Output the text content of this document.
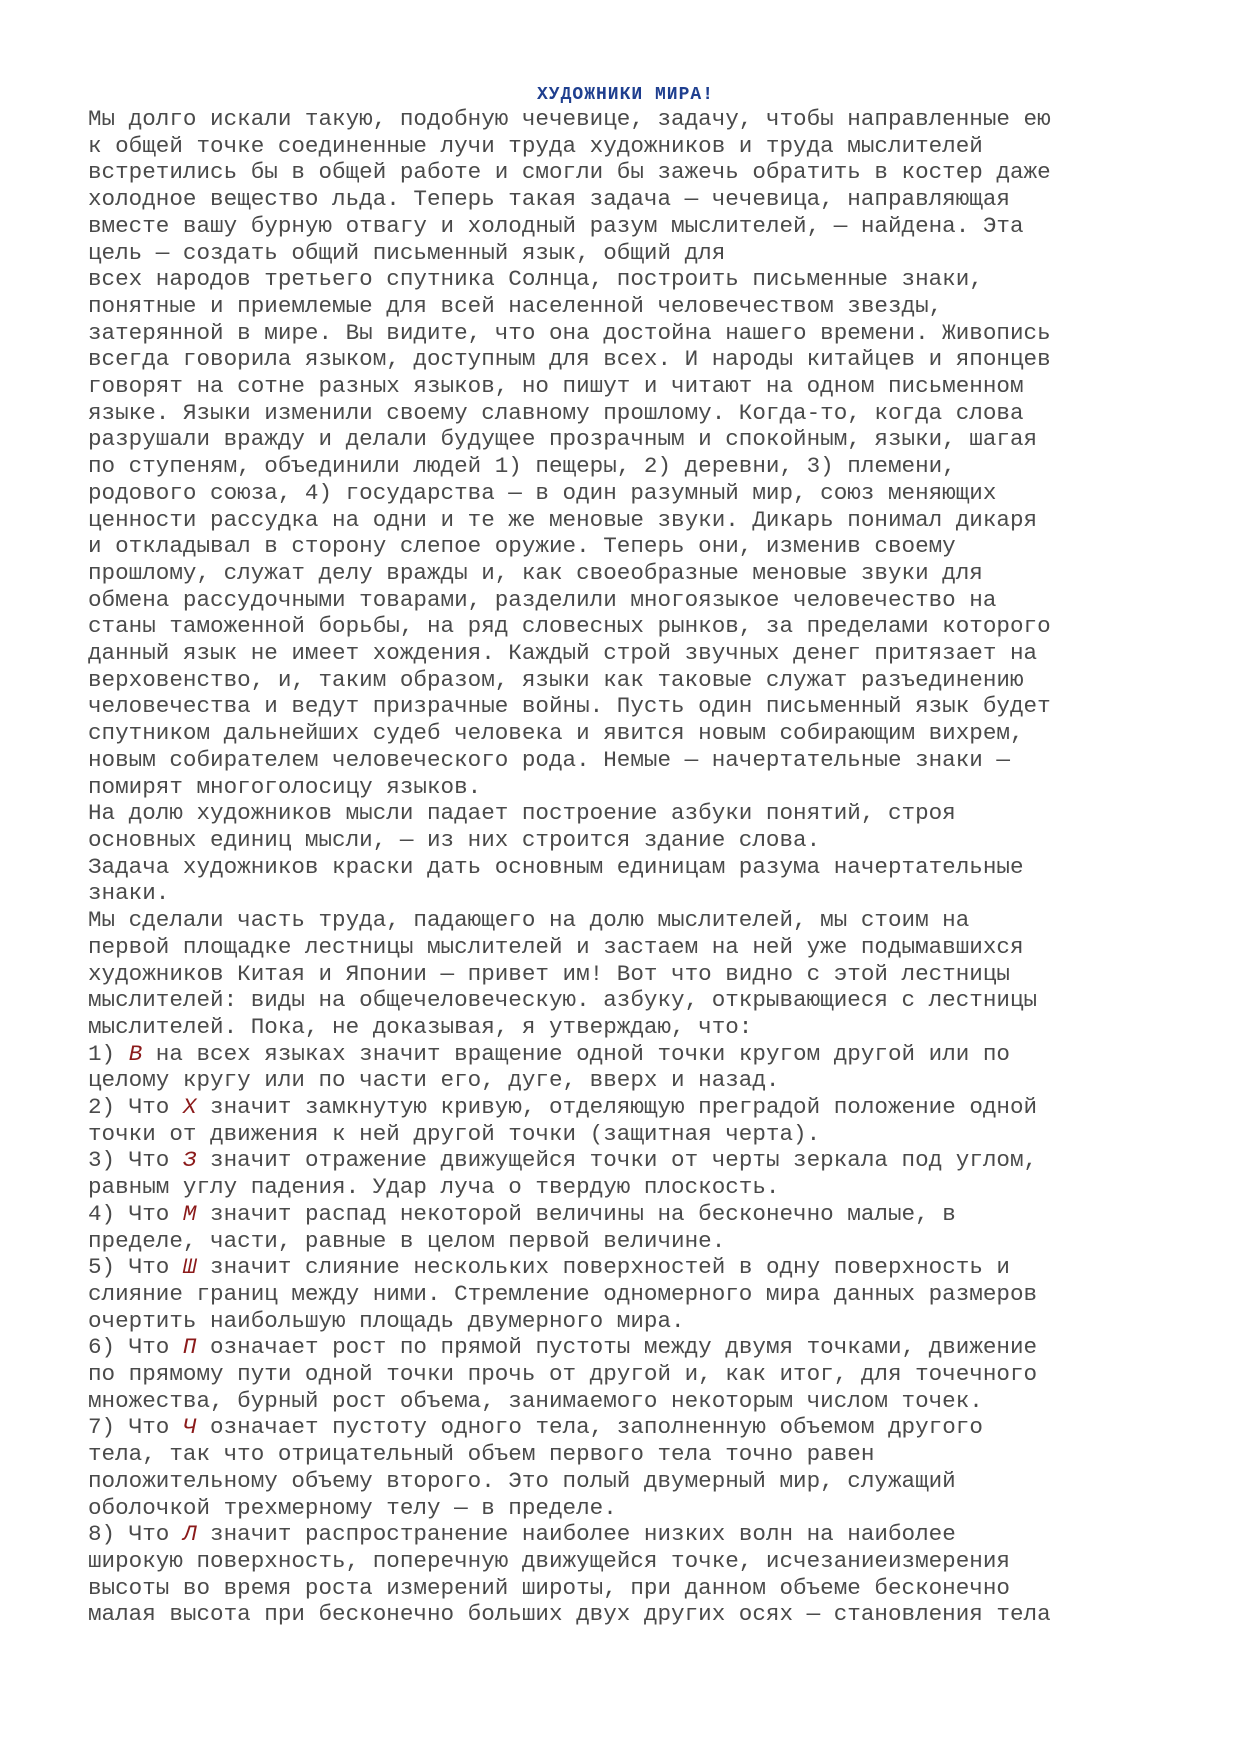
ХУДОЖНИКИ МИРА!
Мы долго искали такую, подобную чечевице, задачу, чтобы направленные ею
к общей точке соединенные лучи труда художников и труда мыслителей
встретились бы в общей работе и смогли бы зажечь обратить в костер даже
холодное вещество льда. Теперь такая задача — чечевица, направляющая
вместе вашу бурную отвагу и холодный разум мыслителей, — найдена. Эта
цель — создать общий письменный язык, общий для
всех народов третьего спутника Солнца, построить письменные знаки,
понятные и приемлемые для всей населенной человечеством звезды,
затерянной в мире. Вы видите, что она достойна нашего времени. Живопись
всегда говорила языком, доступным для всех. И народы китайцев и японцев
говорят на сотне разных языков, но пишут и читают на одном письменном
языке. Языки изменили своему славному прошлому. Когда-то, когда слова
разрушали вражду и делали будущее прозрачным и спокойным, языки, шагая
по ступеням, объединили людей 1) пещеры, 2) деревни, 3) племени,
родового союза, 4) государства — в один разумный мир, союз меняющих
ценности рассудка на одни и те же меновые звуки. Дикарь понимал дикаря
и откладывал в сторону слепое оружие. Теперь они, изменив своему
прошлому, служат делу вражды и, как своеобразные меновые звуки для
обмена рассудочными товарами, разделили многоязыкое человечество на
станы таможенной борьбы, на ряд словесных рынков, за пределами которого
данный язык не имеет хождения. Каждый строй звучных денег притязает на
верховенство, и, таким образом, языки как таковые служат разъединению
человечества и ведут призрачные войны. Пусть один письменный язык будет
спутником дальнейших судеб человека и явится новым собирающим вихрем,
новым собирателем человеческого рода. Немые — начертательные знаки —
помирят многоголосицу языков.
На долю художников мысли падает построение азбуки понятий, строя
основных единиц мысли, — из них строится здание слова.
Задача художников краски дать основным единицам разума начертательные
знаки.
Мы сделали часть труда, падающего на долю мыслителей, мы стоим на
первой площадке лестницы мыслителей и застаем на ней уже подымавшихся
художников Китая и Японии — привет им! Вот что видно с этой лестницы
мыслителей: виды на общечеловеческую. азбуку, открывающиеся с лестницы
мыслителей. Пока, не доказывая, я утверждаю, что:
1) В на всех языках значит вращение одной точки кругом другой или по
целому кругу или по части его, дуге, вверх и назад.
2) Что X значит замкнутую кривую, отделяющую преградой положение одной
точки от движения к ней другой точки (защитная черта).
3) Что З значит отражение движущейся точки от черты зеркала под углом,
равным углу падения. Удар луча о твердую плоскость.
4) Что М значит распад некоторой величины на бесконечно малые, в
пределе, части, равные в целом первой величине.
5) Что Ш значит слияние нескольких поверхностей в одну поверхность и
слияние границ между ними. Стремление одномерного мира данных размеров
очертить наибольшую площадь двумерного мира.
6) Что П означает рост по прямой пустоты между двумя точками, движение
по прямому пути одной точки прочь от другой и, как итог, для точечного
множества, бурный рост объема, занимаемого некоторым числом точек.
7) Что Ч означает пустоту одного тела, заполненную объемом другого
тела, так что отрицательный объем первого тела точно равен
положительному объему второго. Это полый двумерный мир, служащий
оболочкой трехмерному телу — в пределе.
8) Что Л значит распространение наиболее низких волн на наиболее
широкую поверхность, поперечную движущейся точке, исчезаниеизмерения
высоты во время роста измерений широты, при данном объеме бесконечно
малая высота при бесконечно больших двух других осях — становления тела
